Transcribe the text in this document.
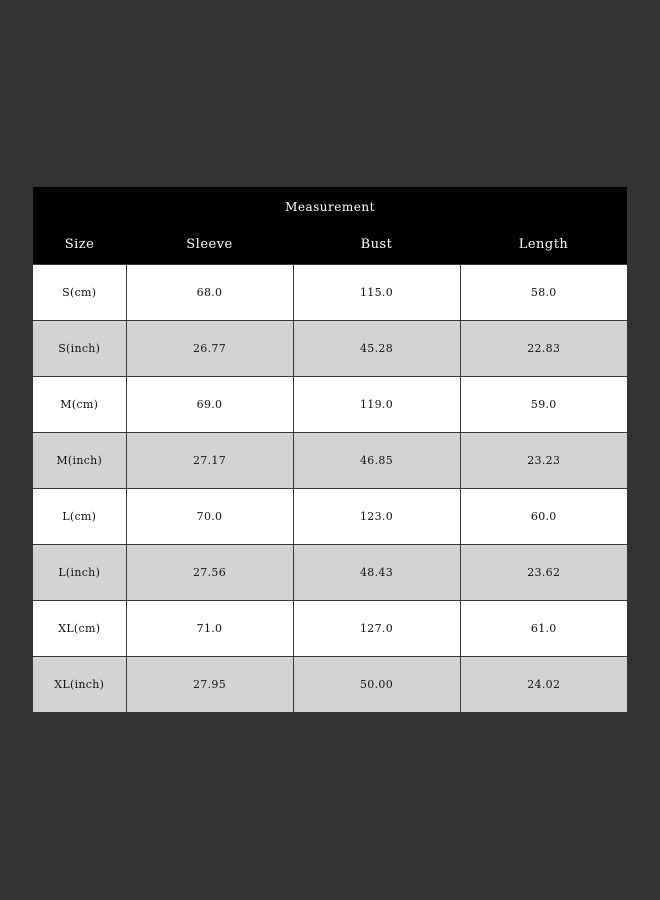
Measurement			
Size	Sleeve	Bust	Length
S(cm)	68.0	115.0	58.0
S(inch)	26.77	45.28	22.83
M(cm)	69.0	119.0	59.0
M(inch)	27.17	46.85	23.23
L(cm)	70.0	123.0	60.0
L(inch)	27.56	48.43	23.62
XL(cm)	71.0	127.0	61.0
XL(inch)	27.95	50.00	24.02
